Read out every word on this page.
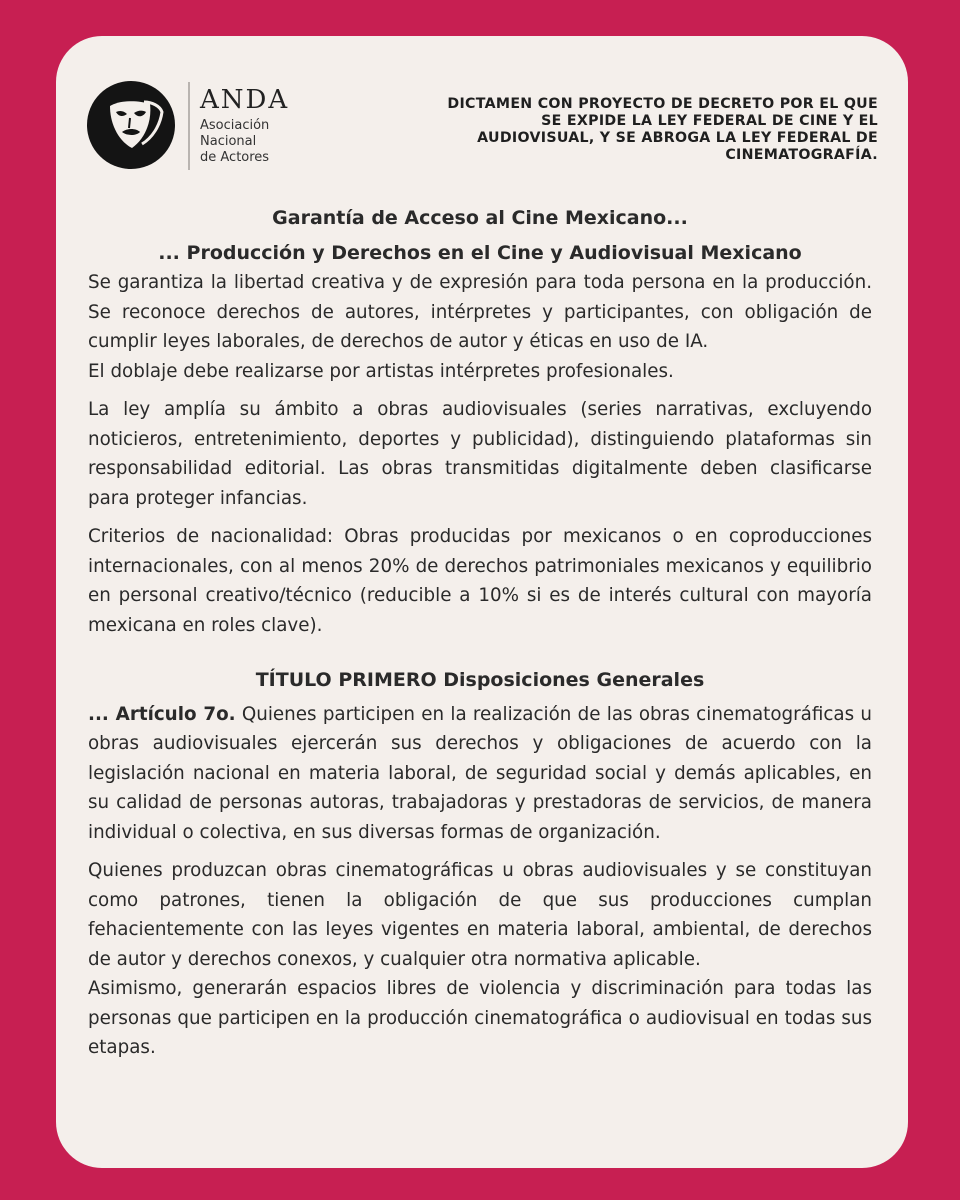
ANDA
Asociación
Nacional
de Actores
DICTAMEN CON PROYECTO DE DECRETO POR EL QUE SE EXPIDE LA LEY FEDERAL DE CINE Y EL AUDIOVISUAL, Y SE ABROGA LA LEY FEDERAL DE CINEMATOGRAFÍA.

Garantía de Acceso al Cine Mexicano...

... Producción y Derechos en el Cine y Audiovisual Mexicano

Se garantiza la libertad creativa y de expresión para toda persona en la producción. Se reconoce derechos de autores, intérpretes y participantes, con obligación de cumplir leyes laborales, de derechos de autor y éticas en uso de IA.

El doblaje debe realizarse por artistas intérpretes profesionales.

La ley amplía su ámbito a obras audiovisuales (series narrativas, excluyendo noticieros, entretenimiento, deportes y publicidad), distinguiendo plataformas sin responsabilidad editorial. Las obras transmitidas digitalmente deben clasificarse para proteger infancias.

Criterios de nacionalidad: Obras producidas por mexicanos o en coproducciones internacionales, con al menos 20% de derechos patrimoniales mexicanos y equilibrio en personal creativo/técnico (reducible a 10% si es de interés cultural con mayoría mexicana en roles clave).

TÍTULO PRIMERO Disposiciones Generales

... Artículo 7o. Quienes participen en la realización de las obras cinematográficas u obras audiovisuales ejercerán sus derechos y obligaciones de acuerdo con la legislación nacional en materia laboral, de seguridad social y demás aplicables, en su calidad de personas autoras, trabajadoras y prestadoras de servicios, de manera individual o colectiva, en sus diversas formas de organización.

Quienes produzcan obras cinematográficas u obras audiovisuales y se constituyan como patrones, tienen la obligación de que sus producciones cumplan fehacientemente con las leyes vigentes en materia laboral, ambiental, de derechos de autor y derechos conexos, y cualquier otra normativa aplicable.

Asimismo, generarán espacios libres de violencia y discriminación para todas las personas que participen en la producción cinematográfica o audiovisual en todas sus etapas.
